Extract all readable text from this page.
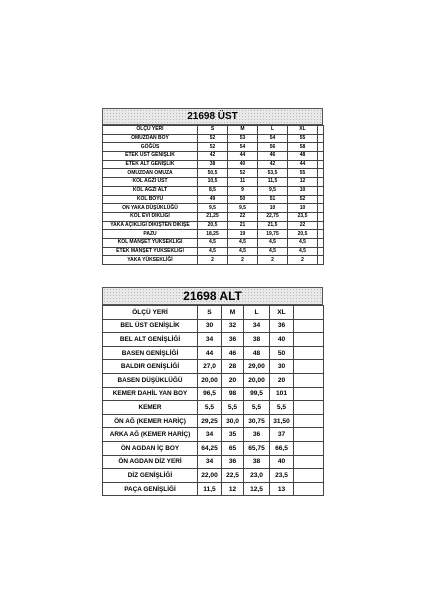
21698 ÜST
ÖLÇÜ YERİ	S	M	L	XL	
OMUZDAN BOY	52	53	54	55	
GÖĞÜS	52	54	56	58	
ETEK ÜST GENİŞLİK	42	44	46	48	
ETEK ALT GENİŞLİK	38	40	42	44	
OMUZDAN OMUZA	50,5	52	53,5	55	
KOL AĞZI ÜST	10,5	11	11,5	12	
KOL AĞZI ALT	8,5	9	9,5	10	
KOL BOYU	49	50	51	52	
ON YAKA DÜŞÜKLÜĞÜ	9,5	9,5	10	10	
KOL EVİ DİKLİĞİ	21,25	22	22,75	23,5	
YAKA AÇIKLIĞI DİKİŞTEN DİKİŞE	20,5	21	21,5	22	
PAZU	18,25	19	19,75	20,5	
KOL MANŞET YÜKSEKLİĞİ	4,5	4,5	4,5	4,5	
ETEK MANŞET YÜKSEKLİĞİ	4,5	4,5	4,5	4,5	
YAKA YÜKSEKLİĞİ	2	2	2	2	
21698 ALT
ÖLÇÜ YERİ	S	M	L	XL	
BEL ÜST GENİŞLİK	30	32	34	36	
BEL ALT GENİŞLİĞİ	34	36	38	40	
BASEN GENİŞLİĞİ	44	46	48	50	
BALDIR GENİŞLİĞİ	27,0	28	29,00	30	
BASEN DÜŞÜKLÜĞÜ	20,00	20	20,00	20	
KEMER DAHİL YAN BOY	96,5	98	99,5	101	
KEMER	5,5	5,5	5,5	5,5	
ÖN AĞ (KEMER HARİÇ)	29,25	30,0	30,75	31,50	
ARKA AĞ (KEMER HARİÇ)	34	35	36	37	
ÖN AGDAN İÇ BOY	64,25	65	65,75	66,5	
ÖN AGDAN DİZ YERİ	34	36	38	40	
DİZ GENİŞLİĞİ	22,00	22,5	23,0	23,5	
PAÇA GENİŞLİĞİ	11,5	12	12,5	13	
